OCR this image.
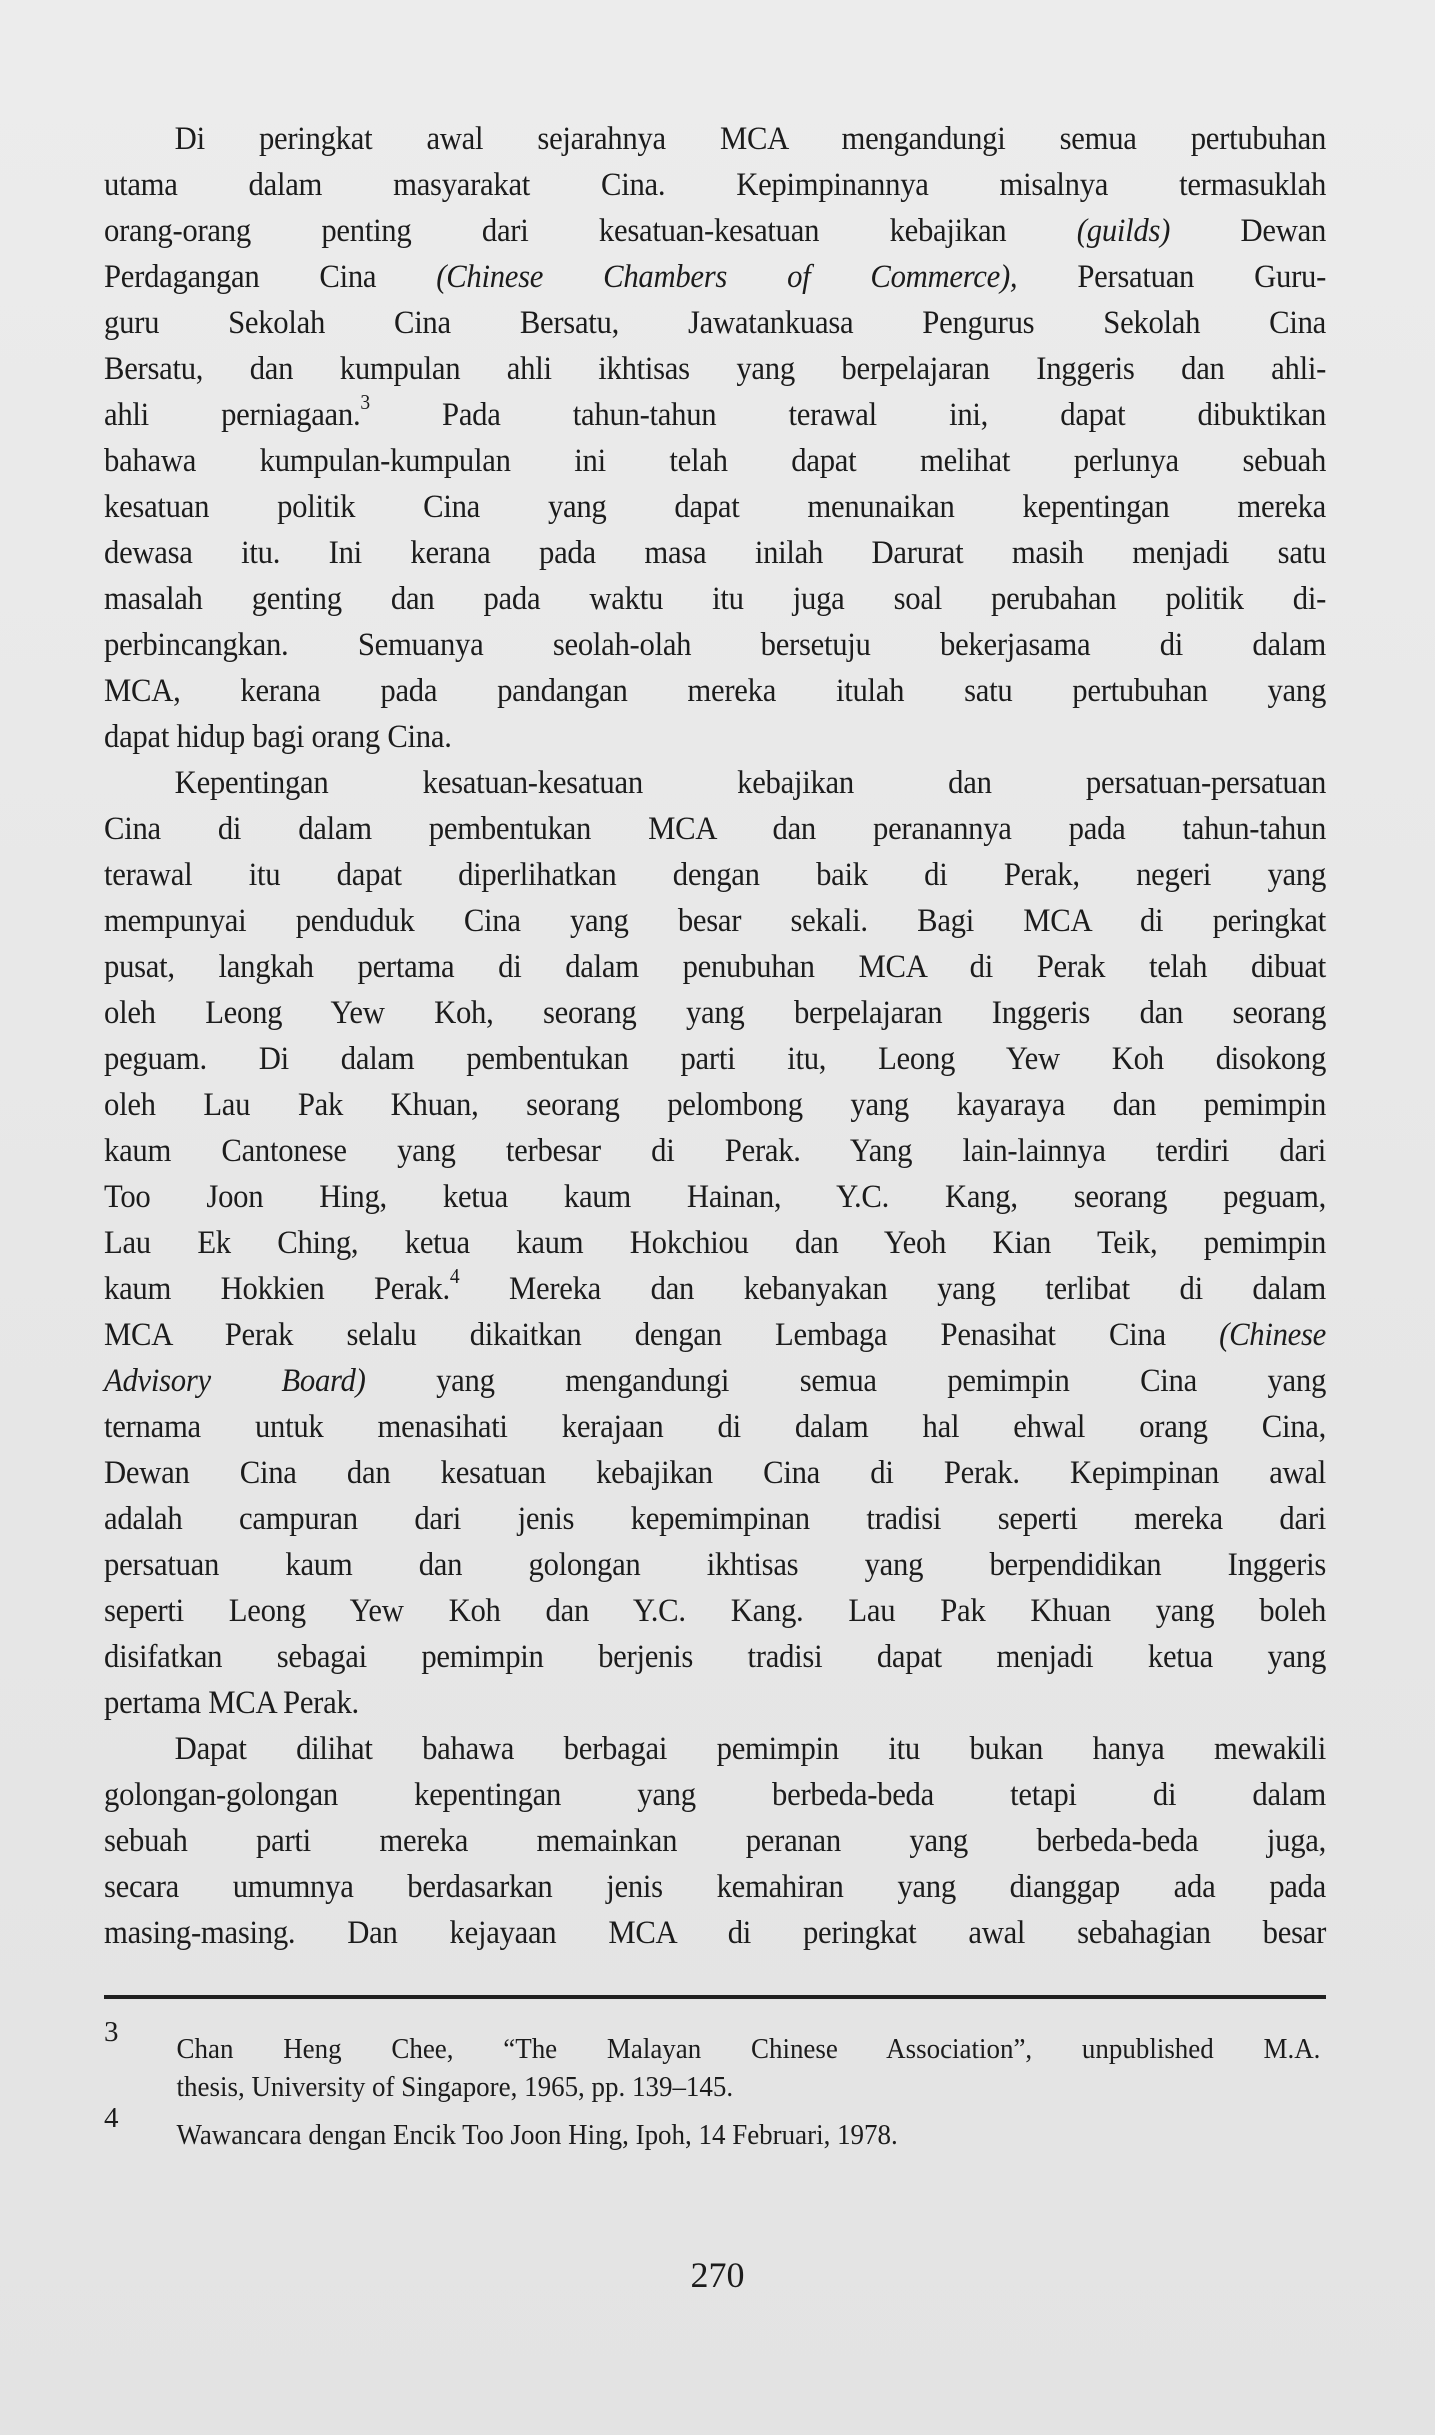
Di peringkat awal sejarahnya MCA mengandungi semua pertubuhan
utama dalam masyarakat Cina. Kepimpinannya misalnya termasuklah
orang-orang penting dari kesatuan-kesatuan kebajikan (guilds) Dewan
Perdagangan Cina (Chinese Chambers of Commerce), Persatuan Guru-
guru Sekolah Cina Bersatu, Jawatankuasa Pengurus Sekolah Cina
Bersatu, dan kumpulan ahli ikhtisas yang berpelajaran Inggeris dan ahli-
ahli perniagaan.$^3$ Pada tahun-tahun terawal ini, dapat dibuktikan
bahawa kumpulan-kumpulan ini telah dapat melihat perlunya sebuah
kesatuan politik Cina yang dapat menunaikan kepentingan mereka
dewasa itu. Ini kerana pada masa inilah Darurat masih menjadi satu
masalah genting dan pada waktu itu juga soal perubahan politik di-
perbincangkan. Semuanya seolah-olah bersetuju bekerjasama di dalam
MCA, kerana pada pandangan mereka itulah satu pertubuhan yang
dapat hidup bagi orang Cina.
Kepentingan kesatuan-kesatuan kebajikan dan persatuan-persatuan
Cina di dalam pembentukan MCA dan peranannya pada tahun-tahun
terawal itu dapat diperlihatkan dengan baik di Perak, negeri yang
mempunyai penduduk Cina yang besar sekali. Bagi MCA di peringkat
pusat, langkah pertama di dalam penubuhan MCA di Perak telah dibuat
oleh Leong Yew Koh, seorang yang berpelajaran Inggeris dan seorang
peguam. Di dalam pembentukan parti itu, Leong Yew Koh disokong
oleh Lau Pak Khuan, seorang pelombong yang kayaraya dan pemimpin
kaum Cantonese yang terbesar di Perak. Yang lain-lainnya terdiri dari
Too Joon Hing, ketua kaum Hainan, Y.C. Kang, seorang peguam,
Lau Ek Ching, ketua kaum Hokchiou dan Yeoh Kian Teik, pemimpin
kaum Hokkien Perak.$^4$ Mereka dan kebanyakan yang terlibat di dalam
MCA Perak selalu dikaitkan dengan Lembaga Penasihat Cina (Chinese
Advisory Board) yang mengandungi semua pemimpin Cina yang
ternama untuk menasihati kerajaan di dalam hal ehwal orang Cina,
Dewan Cina dan kesatuan kebajikan Cina di Perak. Kepimpinan awal
adalah campuran dari jenis kepemimpinan tradisi seperti mereka dari
persatuan kaum dan golongan ikhtisas yang berpendidikan Inggeris
seperti Leong Yew Koh dan Y.C. Kang. Lau Pak Khuan yang boleh
disifatkan sebagai pemimpin berjenis tradisi dapat menjadi ketua yang
pertama MCA Perak.
Dapat dilihat bahawa berbagai pemimpin itu bukan hanya mewakili
golongan-golongan kepentingan yang berbeda-beda tetapi di dalam
sebuah parti mereka memainkan peranan yang berbeda-beda juga,
secara umumnya berdasarkan jenis kemahiran yang dianggap ada pada
masing-masing. Dan kejayaan MCA di peringkat awal sebahagian besar
3
Chan Heng Chee, “The Malayan Chinese Association”, unpublished M.A.
thesis, University of Singapore, 1965, pp. 139–145.
4
Wawancara dengan Encik Too Joon Hing, Ipoh, 14 Februari, 1978.
270
